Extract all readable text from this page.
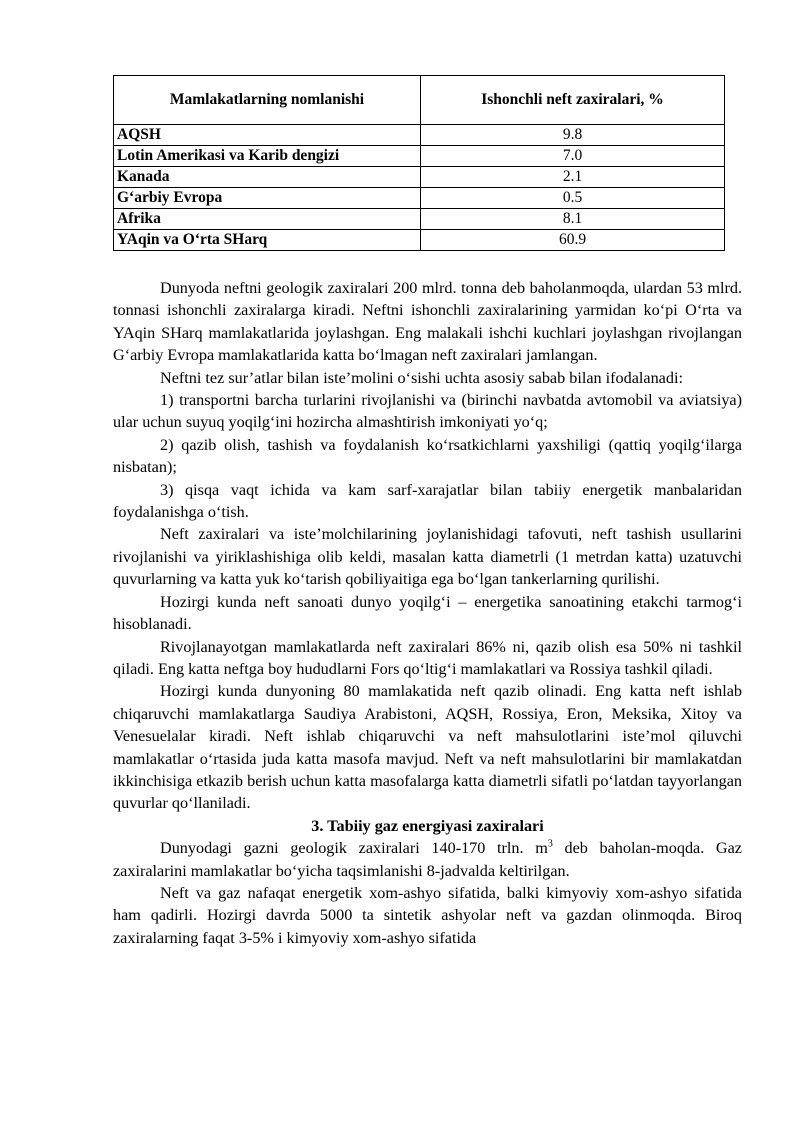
Mamlakatlarning nomlanishi	Ishonchli neft zaxiralari, %
AQSH	9.8
Lotin Amerikasi va Karib dengizi	7.0
Kanada	2.1
G‘arbiy Evropa	0.5
Afrika	8.1
YAqin va O‘rta SHarq	60.9

Dunyoda neftni geologik zaxiralari 200 mlrd. tonna deb baholanmoqda, ulardan 53 mlrd. tonnasi ishonchli zaxiralarga kiradi. Neftni ishonchli zaxiralarining yarmidan ko‘pi O‘rta va YAqin SHarq mamlakatlarida joylashgan. Eng malakali ishchi kuchlari joylashgan rivojlangan G‘arbiy Evropa mamlakatlarida katta bo‘lmagan neft zaxiralari jamlangan.

Neftni tez sur’atlar bilan iste’molini o‘sishi uchta asosiy sabab bilan ifodalanadi:

1) transportni barcha turlarini rivojlanishi va (birinchi navbatda avtomobil va aviatsiya) ular uchun suyuq yoqilg‘ini hozircha almashtirish imkoniyati yo‘q;

2) qazib olish, tashish va foydalanish ko‘rsatkichlarni yaxshiligi (qattiq yoqilg‘ilarga nisbatan);

3) qisqa vaqt ichida va kam sarf-xarajatlar bilan tabiiy energetik manbalaridan foydalanishga o‘tish.

Neft zaxiralari va iste’molchilarining joylanishidagi tafovuti, neft tashish usullarini rivojlanishi va yiriklashishiga olib keldi, masalan katta diametrli (1 metrdan katta) uzatuvchi quvurlarning va katta yuk ko‘tarish qobiliyaitiga ega bo‘lgan tankerlarning qurilishi.

Hozirgi kunda neft sanoati dunyo yoqilg‘i – energetika sanoatining etakchi tarmog‘i hisoblanadi.

Rivojlanayotgan mamlakatlarda neft zaxiralari 86% ni, qazib olish esa 50% ni tashkil qiladi. Eng katta neftga boy hududlarni Fors qo‘ltig‘i mamlakatlari va Rossiya tashkil qiladi.

Hozirgi kunda dunyoning 80 mamlakatida neft qazib olinadi. Eng katta neft ishlab chiqaruvchi mamlakatlarga Saudiya Arabistoni, AQSH, Rossiya, Eron, Meksika, Xitoy va Venesuelalar kiradi. Neft ishlab chiqaruvchi va neft mahsulotlarini iste’mol qiluvchi mamlakatlar o‘rtasida juda katta masofa mavjud. Neft va neft mahsulotlarini bir mamlakatdan ikkinchisiga etkazib berish uchun katta masofalarga katta diametrli sifatli po‘latdan tayyorlangan quvurlar qo‘llaniladi.

3. Tabiiy gaz energiyasi zaxiralari

Dunyodagi gazni geologik zaxiralari 140-170 trln. $m^3$ deb baholan-moqda. Gaz zaxiralarini mamlakatlar bo‘yicha taqsimlanishi 8-jadvalda keltirilgan.

Neft va gaz nafaqat energetik xom-ashyo sifatida, balki kimyoviy xom-ashyo sifatida ham qadirli. Hozirgi davrda 5000 ta sintetik ashyolar neft va gazdan olinmoqda. Biroq zaxiralarning faqat 3-5% i kimyoviy xom-ashyo sifatida
